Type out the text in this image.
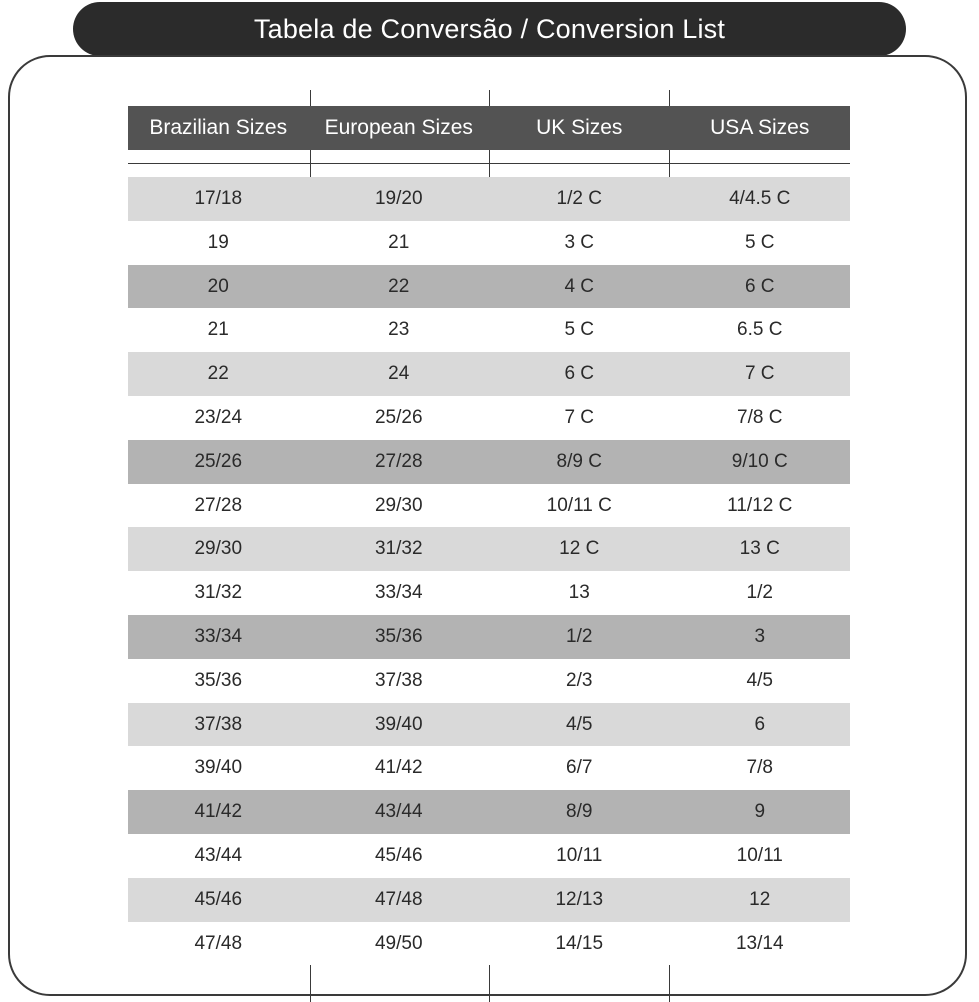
Tabela de Conversão / Conversion List
Brazilian Sizes	European Sizes	UK Sizes	USA Sizes
17/18	19/20	1/2 C	4/4.5 C
19	21	3 C	5 C
20	22	4 C	6 C
21	23	5 C	6.5 C
22	24	6 C	7 C
23/24	25/26	7 C	7/8 C
25/26	27/28	8/9 C	9/10 C
27/28	29/30	10/11 C	11/12 C
29/30	31/32	12 C	13 C
31/32	33/34	13	1/2
33/34	35/36	1/2	3
35/36	37/38	2/3	4/5
37/38	39/40	4/5	6
39/40	41/42	6/7	7/8
41/42	43/44	8/9	9
43/44	45/46	10/11	10/11
45/46	47/48	12/13	12
47/48	49/50	14/15	13/14
